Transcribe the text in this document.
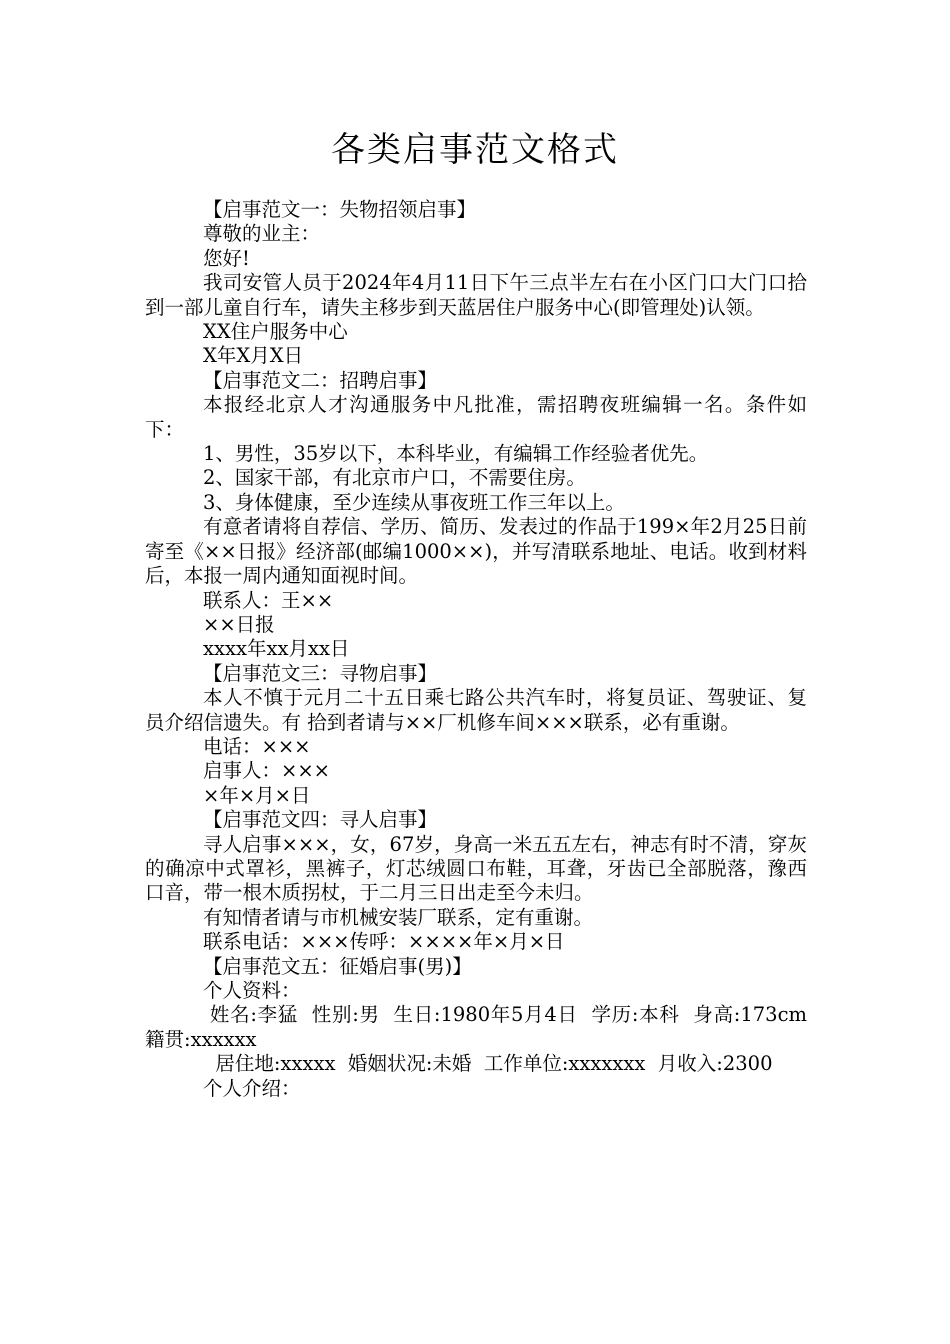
各类启事范文格式

【启事范文一：失物招领启事】

尊敬的业主：

您好!

我司安管人员于2024年4月11日下午三点半左右在小区门口大门口拾到一部儿童自行车，请失主移步到天蓝居住户服务中心(即管理处)认领。

XX住户服务中心

X年X月X日

【启事范文二：招聘启事】

本报经北京人才沟通服务中凡批准，需招聘夜班编辑一名。条件如下：

1、男性，35岁以下，本科毕业，有编辑工作经验者优先。

2、国家干部，有北京市户口，不需要住房。

3、身体健康，至少连续从事夜班工作三年以上。

有意者请将自荐信、学历、简历、发表过的作品于199×年2月25日前寄至《××日报》经济部(邮编1000××)，并写清联系地址、电话。收到材料后，本报一周内通知面视时间。

联系人：王××

××日报

xxxx年xx月xx日

【启事范文三：寻物启事】

本人不慎于元月二十五日乘七路公共汽车时，将复员证、驾驶证、复员介绍信遗失。有 拾到者请与××厂机修车间×××联系，必有重谢。

电话：×××

启事人：×××

×年×月×日

【启事范文四：寻人启事】

寻人启事×××，女，67岁，身高一米五五左右，神志有时不清，穿灰的确凉中式罩衫，黑裤子，灯芯绒圆口布鞋，耳聋，牙齿已全部脱落，豫西口音，带一根木质拐杖，于二月三日出走至今未归。

有知情者请与市机械安装厂联系，定有重谢。

联系电话：×××传呼：××××年×月×日

【启事范文五：征婚启事(男)】

个人资料：

姓名:李猛  性别:男  生日:1980年5月4日  学历:本科  身高:173cm 籍贯:xxxxxx

居住地:xxxxx  婚姻状况:未婚  工作单位:xxxxxxx  月收入:2300

个人介绍：
